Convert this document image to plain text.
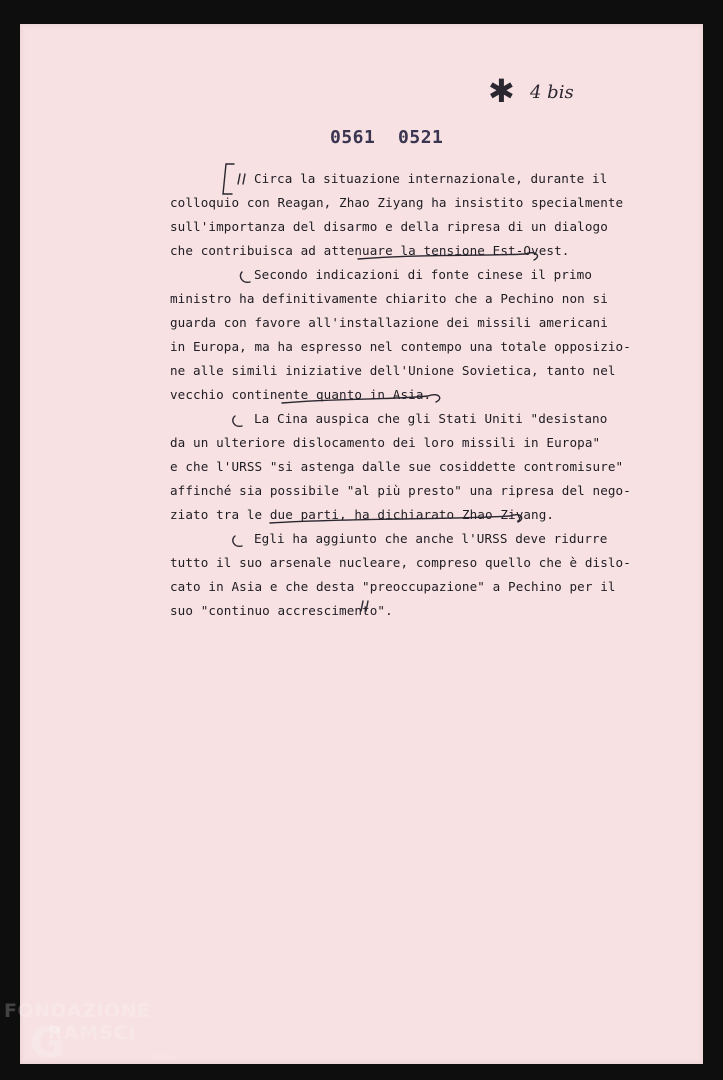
✱ 4 bis
0561  0521
Circa la situazione internazionale, durante il
colloquio con Reagan, Zhao Ziyang ha insistito specialmente
sull'importanza del disarmo e della ripresa di un dialogo
che contribuisca ad attenuare la tensione Est-Ovest.
Secondo indicazioni di fonte cinese il primo
ministro ha definitivamente chiarito che a Pechino non si
guarda con favore all'installazione dei missili americani
in Europa, ma ha espresso nel contempo una totale opposizio-
ne alle simili iniziative dell'Unione Sovietica, tanto nel
vecchio continente quanto in Asia.
La Cina auspica che gli Stati Uniti "desistano
da un ulteriore dislocamento dei loro missili in Europa"
e che l'URSS "si astenga dalle sue cosiddette contromisure"
affinché sia possibile "al più presto" una ripresa del nego-
ziato tra le due parti, ha dichiarato Zhao Ziyang.
Egli ha aggiunto che anche l'URSS deve ridurre
tutto il suo arsenale nucleare, compreso quello che è dislo-
cato in Asia e che desta "preoccupazione" a Pechino per il
suo "continuo accrescimento".
FONDAZIONE
G
RAMSCI
onlus
